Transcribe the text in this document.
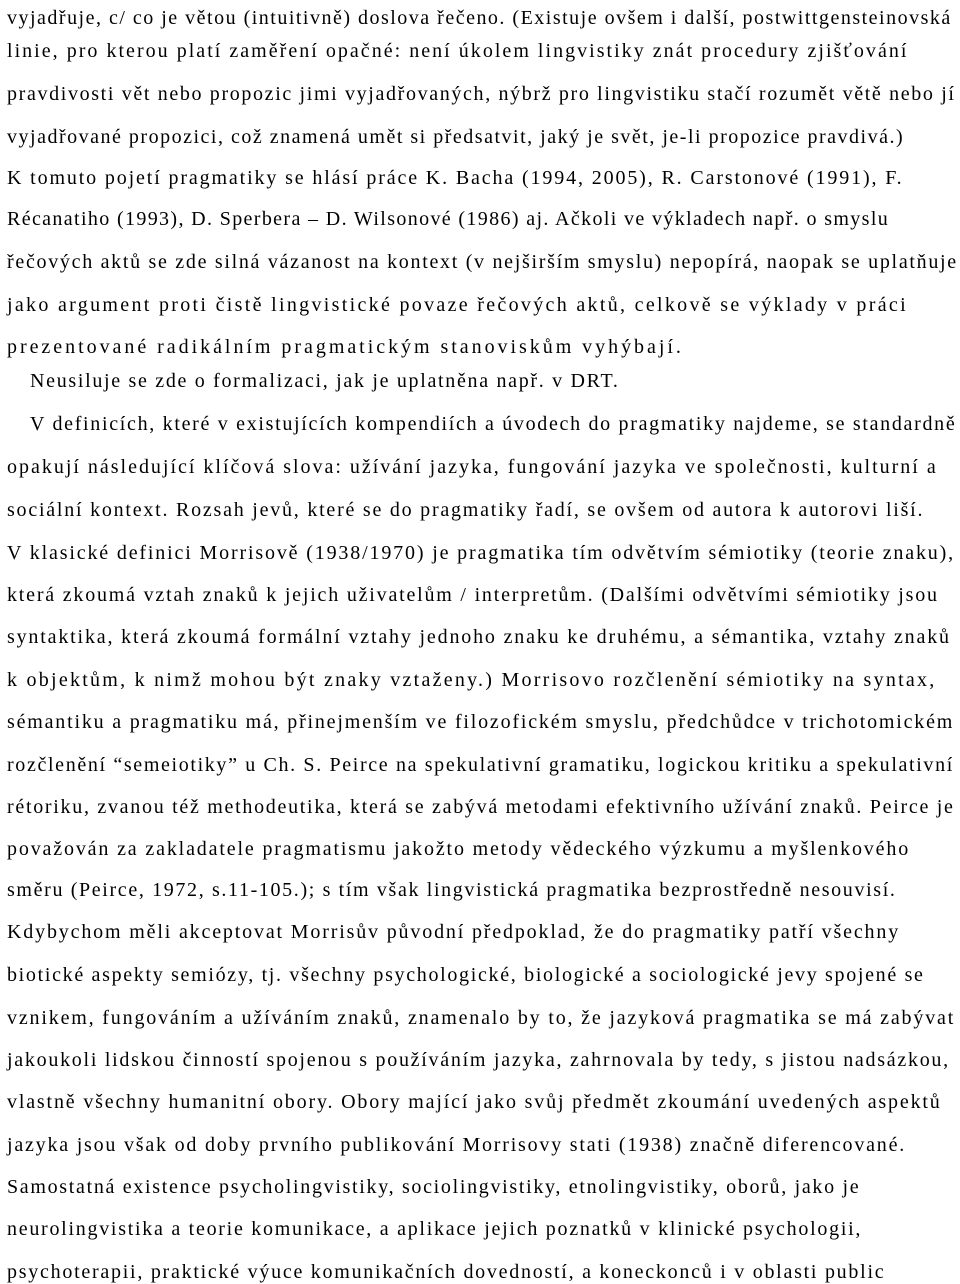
vyjadřuje, c/ co je větou (intuitivně) doslova řečeno. (Existuje ovšem i další, postwittgensteinovská
linie, pro kterou platí zaměření opačné: není úkolem lingvistiky znát procedury zjišťování
pravdivosti vět nebo propozic jimi vyjadřovaných, nýbrž pro lingvistiku stačí rozumět větě nebo jí
vyjadřované propozici, což znamená umět si předsatvit, jaký je svět, je-li propozice pravdivá.)
K tomuto pojetí pragmatiky se hlásí práce K. Bacha (1994, 2005), R. Carstonové (1991), F.
Récanatiho (1993), D. Sperbera – D. Wilsonové (1986) aj. Ačkoli ve výkladech např. o smyslu
řečových aktů se zde silná vázanost na kontext (v nejširším smyslu) nepopírá, naopak se uplatňuje
jako argument proti čistě lingvistické povaze řečových aktů, celkově se výklady v práci
prezentované radikálním pragmatickým stanoviskům vyhýbají.
Neusiluje se zde o formalizaci, jak je uplatněna např. v DRT.
V definicích, které v existujících kompendiích a úvodech do pragmatiky najdeme, se standardně
opakují následující klíčová slova: užívání jazyka, fungování jazyka ve společnosti, kulturní a
sociální kontext. Rozsah jevů, které se do pragmatiky řadí, se ovšem od autora k autorovi liší.
V klasické definici Morrisově (1938/1970) je pragmatika tím odvětvím sémiotiky (teorie znaku),
která zkoumá vztah znaků k jejich uživatelům / interpretům. (Dalšími odvětvími sémiotiky jsou
syntaktika, která zkoumá formální vztahy jednoho znaku ke druhému, a sémantika, vztahy znaků
k objektům, k nimž mohou být znaky vztaženy.) Morrisovo rozčlenění sémiotiky na syntax,
sémantiku a pragmatiku má, přinejmenším ve filozofickém smyslu, předchůdce v trichotomickém
rozčlenění “semeiotiky” u Ch. S. Peirce na spekulativní gramatiku, logickou kritiku a spekulativní
rétoriku, zvanou též methodeutika, která se zabývá metodami efektivního užívání znaků. Peirce je
považován za zakladatele pragmatismu jakožto metody vědeckého výzkumu a myšlenkového
směru (Peirce, 1972, s.11-105.); s tím však lingvistická pragmatika bezprostředně nesouvisí.
Kdybychom měli akceptovat Morrisův původní předpoklad, že do pragmatiky patří všechny
biotické aspekty semiózy, tj. všechny psychologické, biologické a sociologické jevy spojené se
vznikem, fungováním a užíváním znaků, znamenalo by to, že jazyková pragmatika se má zabývat
jakoukoli lidskou činností spojenou s používáním jazyka, zahrnovala by tedy, s jistou nadsázkou,
vlastně všechny humanitní obory. Obory mající jako svůj předmět zkoumání uvedených aspektů
jazyka jsou však od doby prvního publikování Morrisovy stati (1938) značně diferencované.
Samostatná existence psycholingvistiky, sociolingvistiky, etnolingvistiky, oborů, jako je
neurolingvistika a teorie komunikace, a aplikace jejich poznatků v klinické psychologii,
psychoterapii, praktické výuce komunikačních dovedností, a koneckonců i v oblasti public
